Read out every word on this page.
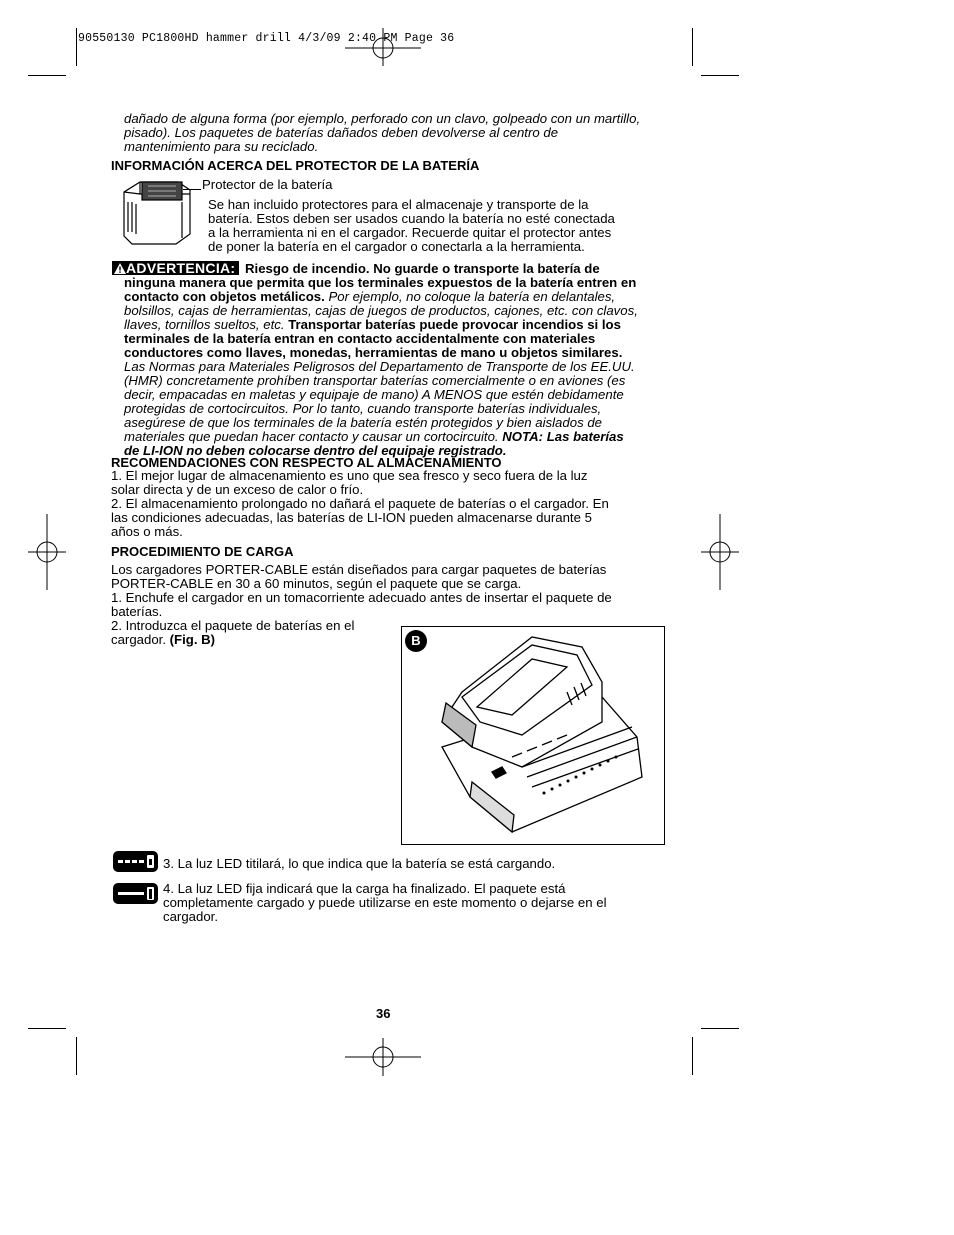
90550130 PC1800HD hammer drill 4/3/09 2:40 PM Page 36
dañado de alguna forma (por ejemplo, perforado con un clavo, golpeado con un martillo,
pisado). Los paquetes de baterías dañados deben devolverse al centro de
mantenimiento para su reciclado.
INFORMACIÓN ACERCA DEL PROTECTOR DE LA BATERÍA
Protector de la batería
Se han incluido protectores para el almacenaje y transporte de la
batería. Estos deben ser usados cuando la batería no esté conectada
a la herramienta ni en el cargador. Recuerde quitar el protector antes
de poner la batería en el cargador o conectarla a la herramienta.
ADVERTENCIA: Riesgo de incendio. No guarde o transporte la batería de
ninguna manera que permita que los terminales expuestos de la batería entren en
contacto con objetos metálicos. Por ejemplo, no coloque la batería en delantales,
bolsillos, cajas de herramientas, cajas de juegos de productos, cajones, etc. con clavos,
llaves, tornillos sueltos, etc. Transportar baterías puede provocar incendios si los
terminales de la batería entran en contacto accidentalmente con materiales
conductores como llaves, monedas, herramientas de mano u objetos similares.
Las Normas para Materiales Peligrosos del Departamento de Transporte de los EE.UU.
(HMR) concretamente prohíben transportar baterías comercialmente o en aviones (es
decir, empacadas en maletas y equipaje de mano) A MENOS que estén debidamente
protegidas de cortocircuitos. Por lo tanto, cuando transporte baterías individuales,
asegúrese de que los terminales de la batería estén protegidos y bien aislados de
materiales que puedan hacer contacto y causar un cortocircuito. NOTA: Las baterías
de LI-ION no deben colocarse dentro del equipaje registrado.
RECOMENDACIONES CON RESPECTO AL ALMACENAMIENTO
1. El mejor lugar de almacenamiento es uno que sea fresco y seco fuera de la luz
solar directa y de un exceso de calor o frío.
2. El almacenamiento prolongado no dañará el paquete de baterías o el cargador. En
las condiciones adecuadas, las baterías de LI-ION pueden almacenarse durante 5
años o más.
PROCEDIMIENTO DE CARGA
Los cargadores PORTER-CABLE están diseñados para cargar paquetes de baterías
PORTER-CABLE en 30 a 60 minutos, según el paquete que se carga.
1. Enchufe el cargador en un tomacorriente adecuado antes de insertar el paquete de
baterías.
2. Introduzca el paquete de baterías en el
cargador. (Fig. B)	B
3. La luz LED titilará, lo que indica que la batería se está cargando.
4. La luz LED fija indicará que la carga ha finalizado. El paquete está
completamente cargado y puede utilizarse en este momento o dejarse en el
cargador.
36
